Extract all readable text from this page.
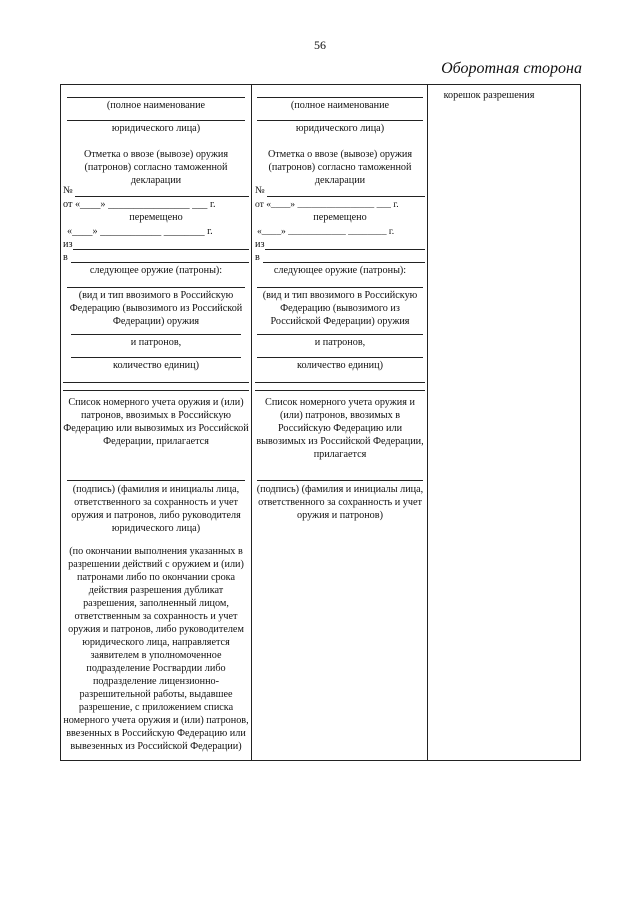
56
Оборотная сторона
(полное наименование
юридического лица)
Отметка о ввозе (вывозе) оружия (патронов) согласно таможенной декларации
№
от «____» ________________ ___ г.
перемещено
«____» ____________ ________ г.
из
в
следующее оружие (патроны):
(вид и тип ввозимого в Российскую Федерацию (вывозимого из Российской Федерации) оружия
и патронов,
количество единиц)
Список номерного учета оружия и (или) патронов, ввозимых в Российскую Федерацию или вывозимых из Российской Федерации, прилагается
(подпись) (фамилия и инициалы лица, ответственного за сохранность и учет оружия и патронов, либо руководителя юридического лица)
(по окончании выполнения указанных в разрешении действий с оружием и (или) патронами либо по окончании срока действия разрешения дубликат разрешения, заполненный лицом, ответственным за сохранность и учет оружия и патронов, либо руководителем юридического лица, направляется заявителем в уполномоченное подразделение Росгвардии либо подразделение лицензионно-разрешительной работы, выдавшее разрешение, с приложением списка номерного учета оружия и (или) патронов, ввезенных в Российскую Федерацию или вывезенных из Российской Федерации)
(полное наименование
юридического лица)
Отметка о ввозе (вывозе) оружия (патронов) согласно таможенной декларации
№
от «____» ________________ ___ г.
перемещено
«____» ____________ ________ г.
из
в
следующее оружие (патроны):
(вид и тип ввозимого в Российскую Федерацию (вывозимого из Российской Федерации) оружия
и патронов,
количество единиц)
Список номерного учета оружия и (или) патронов, ввозимых в Российскую Федерацию или вывозимых из Российской Федерации, прилагается
(подпись) (фамилия и инициалы лица, ответственного за сохранность и учет оружия и патронов)
корешок разрешения
